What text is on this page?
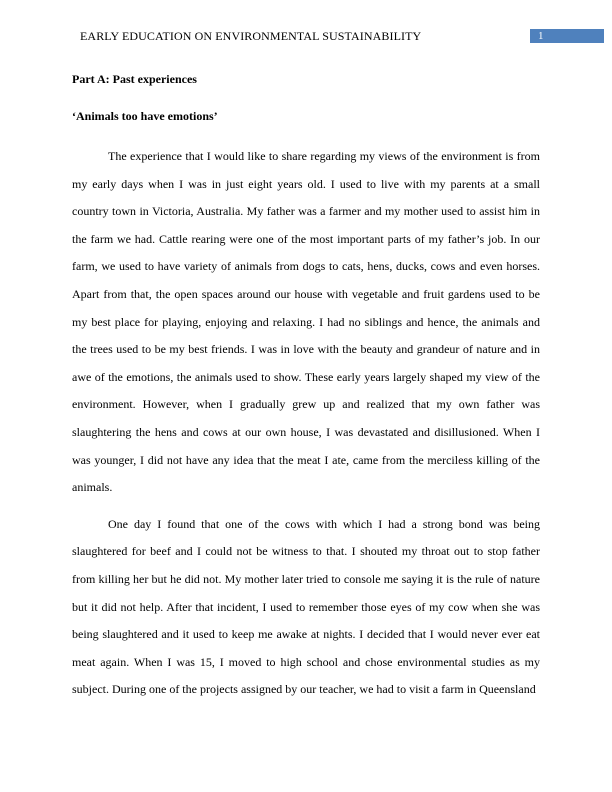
EARLY EDUCATION ON ENVIRONMENTAL SUSTAINABILITY	1
Part A: Past experiences
‘Animals too have emotions’

The experience that I would like to share regarding my views of the environment is from my early days when I was in just eight years old. I used to live with my parents at a small country town in Victoria, Australia. My father was a farmer and my mother used to assist him in the farm we had. Cattle rearing were one of the most important parts of my father’s job. In our farm, we used to have variety of animals from dogs to cats, hens, ducks, cows and even horses. Apart from that, the open spaces around our house with vegetable and fruit gardens used to be my best place for playing, enjoying and relaxing. I had no siblings and hence, the animals and the trees used to be my best friends. I was in love with the beauty and grandeur of nature and in awe of the emotions, the animals used to show. These early years largely shaped my view of the environment. However, when I gradually grew up and realized that my own father was slaughtering the hens and cows at our own house, I was devastated and disillusioned. When I was younger, I did not have any idea that the meat I ate, came from the merciless killing of the animals.

One day I found that one of the cows with which I had a strong bond was being slaughtered for beef and I could not be witness to that. I shouted my throat out to stop father from killing her but he did not. My mother later tried to console me saying it is the rule of nature but it did not help. After that incident, I used to remember those eyes of my cow when she was being slaughtered and it used to keep me awake at nights. I decided that I would never ever eat meat again. When I was 15, I moved to high school and chose environmental studies as my subject. During one of the projects assigned by our teacher, we had to visit a farm in Queensland
